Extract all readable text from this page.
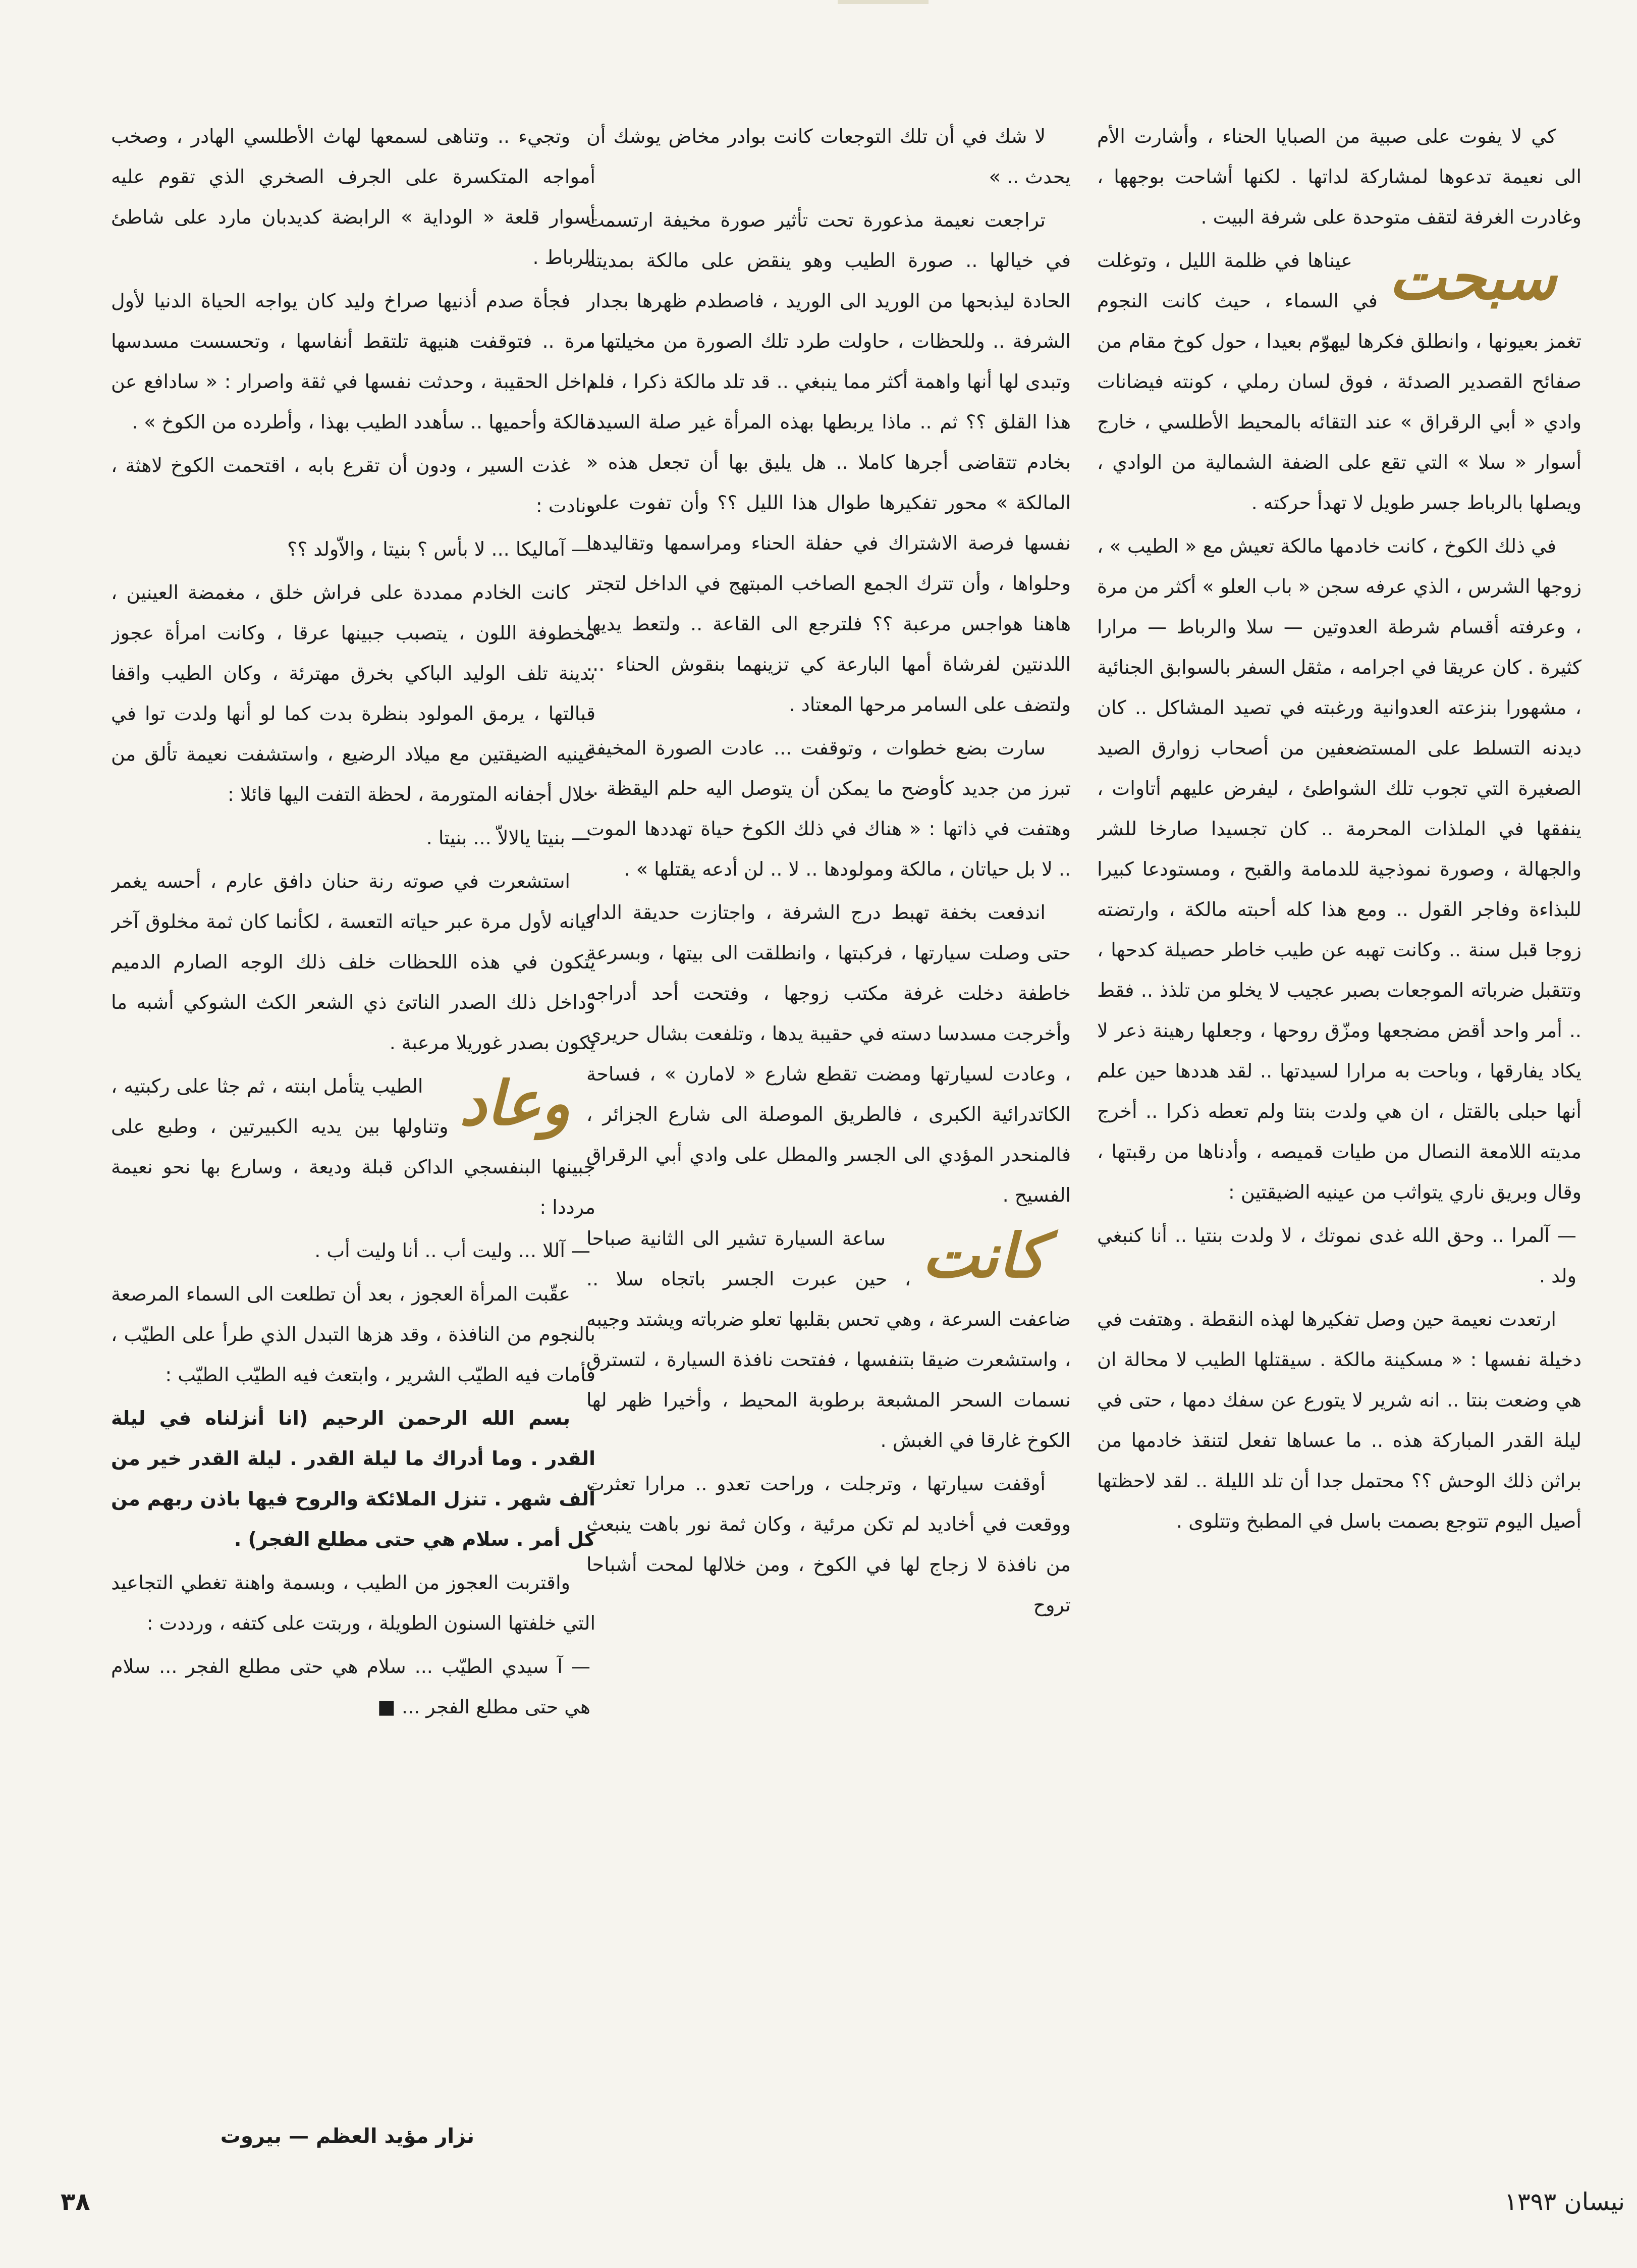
كي لا يفوت على صبية من الصبايا الحناء ، وأشارت الأم الى نعيمة تدعوها لمشاركة لداتها . لكنها أشاحت بوجهها ، وغادرت الغرفة لتقف متوحدة على شرفة البيت .

سبحت
عيناها في ظلمة الليل ، وتوغلت في السماء ، حيث كانت النجوم تغمز بعيونها ، وانطلق فكرها ليهوّم بعيدا ، حول كوخ مقام من صفائح القصدير الصدئة ، فوق لسان رملي ، كونته فيضانات وادي « أبي الرقراق » عند التقائه بالمحيط الأطلسي ، خارج أسوار « سلا » التي تقع على الضفة الشمالية من الوادي ، ويصلها بالرباط جسر طويل لا تهدأ حركته .

في ذلك الكوخ ، كانت خادمها مالكة تعيش مع « الطيب » ، زوجها الشرس ، الذي عرفه سجن « باب العلو » أكثر من مرة ، وعرفته أقسام شرطة العدوتين — سلا والرباط — مرارا كثيرة . كان عريقا في اجرامه ، مثقل السفر بالسوابق الجنائية ، مشهورا بنزعته العدوانية ورغبته في تصيد المشاكل .. كان ديدنه التسلط على المستضعفين من أصحاب زوارق الصيد الصغيرة التي تجوب تلك الشواطئ ، ليفرض عليهم أتاوات ، ينفقها في الملذات المحرمة .. كان تجسيدا صارخا للشر والجهالة ، وصورة نموذجية للدمامة والقبح ، ومستودعا كبيرا للبذاءة وفاجر القول .. ومع هذا كله أحبته مالكة ، وارتضته زوجا قبل سنة .. وكانت تهبه عن طيب خاطر حصيلة كدحها ، وتتقبل ضرباته الموجعات بصبر عجيب لا يخلو من تلذذ .. فقط .. أمر واحد أقض مضجعها ومزّق روحها ، وجعلها رهينة ذعر لا يكاد يفارقها ، وباحت به مرارا لسيدتها .. لقد هددها حين علم أنها حبلى بالقتل ، ان هي ولدت بنتا ولم تعطه ذكرا .. أخرج مديته اللامعة النصال من طيات قميصه ، وأدناها من رقبتها ، وقال وبريق ناري يتواثب من عينيه الضيقتين :

— آلمرا .. وحق الله غدى نموتك ، لا ولدت بنتيا .. أنا كنبغي ولد .

ارتعدت نعيمة حين وصل تفكيرها لهذه النقطة . وهتفت في دخيلة نفسها : « مسكينة مالكة . سيقتلها الطيب لا محالة ان هي وضعت بنتا .. انه شرير لا يتورع عن سفك دمها ، حتى في ليلة القدر المباركة هذه .. ما عساها تفعل لتنقذ خادمها من براثن ذلك الوحش ؟؟ محتمل جدا أن تلد الليلة .. لقد لاحظتها أصيل اليوم تتوجع بصمت باسل في المطبخ وتتلوى .

لا شك في أن تلك التوجعات كانت بوادر مخاض يوشك أن يحدث .. »

تراجعت نعيمة مذعورة تحت تأثير صورة مخيفة ارتسمت في خيالها .. صورة الطيب وهو ينقض على مالكة بمديته الحادة ليذبحها من الوريد الى الوريد ، فاصطدم ظهرها بجدار الشرفة .. وللحظات ، حاولت طرد تلك الصورة من مخيلتها ، وتبدى لها أنها واهمة أكثر مما ينبغي .. قد تلد مالكة ذكرا ، فلم هذا القلق ؟؟ ثم .. ماذا يربطها بهذه المرأة غير صلة السيدة بخادم تتقاضى أجرها كاملا .. هل يليق بها أن تجعل هذه « المالكة » محور تفكيرها طوال هذا الليل ؟؟ وأن تفوت على نفسها فرصة الاشتراك في حفلة الحناء ومراسمها وتقاليدها وحلواها ، وأن تترك الجمع الصاخب المبتهج في الداخل لتجتر هاهنا هواجس مرعبة ؟؟ فلترجع الى القاعة .. ولتعط يديها اللدنتين لفرشاة أمها البارعة كي تزينهما بنقوش الحناء ... ولتضف على السامر مرحها المعتاد .

سارت بضع خطوات ، وتوقفت ... عادت الصورة المخيفة تبرز من جديد كأوضح ما يمكن أن يتوصل اليه حلم اليقظة .. وهتفت في ذاتها : « هناك في ذلك الكوخ حياة تهددها الموت .. لا بل حياتان ، مالكة ومولودها .. لا .. لن أدعه يقتلها » .

اندفعت بخفة تهبط درج الشرفة ، واجتازت حديقة الدار حتى وصلت سيارتها ، فركبتها ، وانطلقت الى بيتها ، وبسرعة خاطفة دخلت غرفة مكتب زوجها ، وفتحت أحد أدراجه وأخرجت مسدسا دسته في حقيبة يدها ، وتلفعت بشال حريري ، وعادت لسيارتها ومضت تقطع شارع « لامارن » ، فساحة الكاتدرائية الكبرى ، فالطريق الموصلة الى شارع الجزائر ، فالمنحدر المؤدي الى الجسر والمطل على وادي أبي الرقراق الفسيح .

كانت
ساعة السيارة تشير الى الثانية صباحا ، حين عبرت الجسر باتجاه سلا .. ضاعفت السرعة ، وهي تحس بقلبها تعلو ضرباته ويشتد وجيبه ، واستشعرت ضيقا بتنفسها ، ففتحت نافذة السيارة ، لتسترق نسمات السحر المشبعة برطوبة المحيط ، وأخيرا ظهر لها الكوخ غارقا في الغبش .

أوقفت سيارتها ، وترجلت ، وراحت تعدو .. مرارا تعثرت ووقعت في أخاديد لم تكن مرئية ، وكان ثمة نور باهت ينبعث من نافذة لا زجاج لها في الكوخ ، ومن خلالها لمحت أشباحا تروح

وتجيء .. وتناهى لسمعها لهاث الأطلسي الهادر ، وصخب أمواجه المتكسرة على الجرف الصخري الذي تقوم عليه أسوار قلعة « الوداية » الرابضة كديدبان مارد على شاطئ الرباط .

فجأة صدم أذنيها صراخ وليد كان يواجه الحياة الدنيا لأول مرة .. فتوقفت هنيهة تلتقط أنفاسها ، وتحسست مسدسها داخل الحقيبة ، وحدثت نفسها في ثقة واصرار : « سادافع عن مالكة وأحميها .. سأهدد الطيب بهذا ، وأطرده من الكوخ » .

غذت السير ، ودون أن تقرع بابه ، اقتحمت الكوخ لاهثة ، ونادت :

— آماليكا ... لا بأس ؟ بنيتا ، والاّولد ؟؟

كانت الخادم ممددة على فراش خلق ، مغمضة العينين ، مخطوفة اللون ، يتصبب جبينها عرقا ، وكانت امرأة عجوز بدينة تلف الوليد الباكي بخرق مهترئة ، وكان الطيب واقفا قبالتها ، يرمق المولود بنظرة بدت كما لو أنها ولدت توا في عينيه الضيقتين مع ميلاد الرضيع ، واستشفت نعيمة تألق من خلال أجفانه المتورمة ، لحظة التفت اليها قائلا :

— بنيتا يالالاّ ... بنيتا .

استشعرت في صوته رنة حنان دافق عارم ، أحسه يغمر كيانه لأول مرة عبر حياته التعسة ، لكأنما كان ثمة مخلوق آخر يتكون في هذه اللحظات خلف ذلك الوجه الصارم الدميم وداخل ذلك الصدر الناتئ ذي الشعر الكث الشوكي أشبه ما يكون بصدر غوريلا مرعبة .

وعاد
الطيب يتأمل ابنته ، ثم جثا على ركبتيه ، وتناولها بين يديه الكبيرتين ، وطبع على جبينها البنفسجي الداكن قبلة وديعة ، وسارع بها نحو نعيمة مرددا :

— آللا ... وليت أب .. أنا وليت أب .

عقّبت المرأة العجوز ، بعد أن تطلعت الى السماء المرصعة بالنجوم من النافذة ، وقد هزها التبدل الذي طرأ على الطيّب ، فأمات فيه الطيّب الشرير ، وابتعث فيه الطيّب الطيّب :

بسم الله الرحمن الرحيم (انا أنزلناه في ليلة القدر . وما أدراك ما ليلة القدر . ليلة القدر خير من ألف شهر . تنزل الملائكة والروح فيها باذن ربهم من كل أمر . سلام هي حتى مطلع الفجر) .

واقتربت العجوز من الطيب ، وبسمة واهنة تغطي التجاعيد التي خلفتها السنون الطويلة ، وربتت على كتفه ، ورددت :

— آ سيدي الطيّب ... سلام هي حتى مطلع الفجر ... سلام هي حتى مطلع الفجر ... ■

نزار مؤيد العظم — بيروت
٣٨	نيسان ١٣٩٣
